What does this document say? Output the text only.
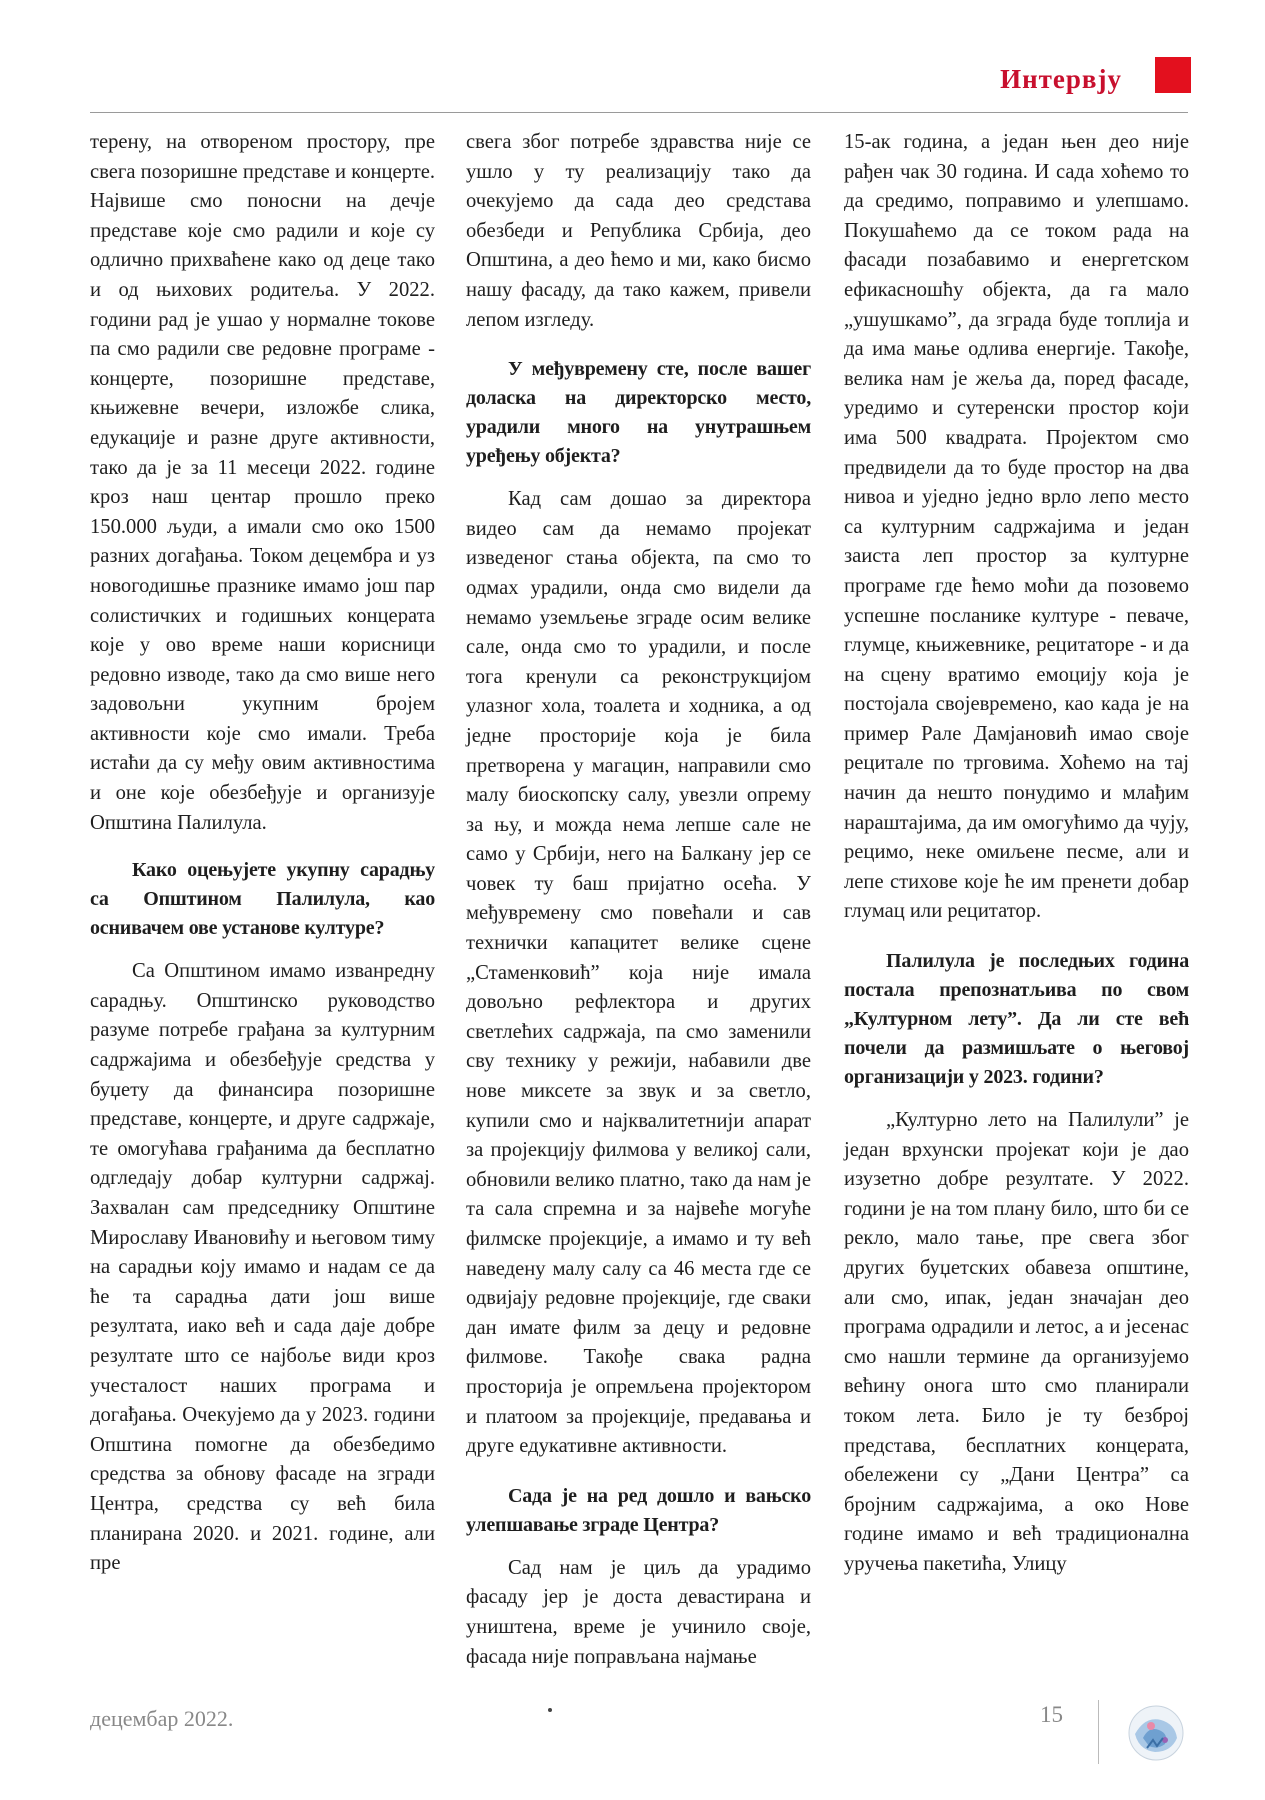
Интервју

терену, на отвореном простору, пре свега позоришне представе и концерте. Највише смо поносни на дечје представе које смо радили и које су одлично прихваћене како од деце тако и од њихових родитеља. У 2022. години рад је ушао у нормалне токове па смо радили све редовне програме - концерте, позоришне представе, књижевне вечери, изложбе слика, едукације и разне друге активности, тако да је за 11 месеци 2022. године кроз наш центар прошло преко 150.000 људи, а имали смо око 1500 разних догађања. Током децембра и уз новогодишње празнике имамо још пар солистичких и годишњих концерата које у ово време наши корисници редовно изводе, тако да смо више него задовољни укупним бројем активности које смо имали. Треба истаћи да су међу овим активностима и оне које обезбеђује и организује Општина Палилула.

Како оцењујете укупну сарадњу са Општином Палилула, као оснивачем ове установе културе?

Са Општином имамо изванредну сарадњу. Општинско руководство разуме потребе грађана за културним садржајима и обезбеђује средства у буџету да финансира позоришне представе, концерте, и друге садржаје, те омогућава грађанима да бесплатно одгледају добар културни садржај. Захвалан сам председнику Општине Мирославу Ивановићу и његовом тиму на сарадњи коју имамо и надам се да ће та сарадња дати још више резултата, иако већ и сада даје добре резултате што се најбоље види кроз учесталост наших програма и догађања. Очекујемо да у 2023. години Општина помогне да обезбедимо средства за обнову фасаде на згради Центра, средства су већ била планирана 2020. и 2021. године, али пре

свега због потребе здравства није се ушло у ту реализацију тако да очекујемо да сада део средстава обезбеди и Република Србија, део Општина, а део ћемо и ми, како бисмо нашу фасаду, да тако кажем, привели лепом изгледу.

У међувремену сте, после вашег доласка на директорско место, урадили много на унутрашњем уређењу објекта?

Кад сам дошао за директора видео сам да немамо пројекат изведеног стања објекта, па смо то одмах урадили, онда смо видели да немамо уземљење зграде осим велике сале, онда смо то урадили, и после тога кренули са реконструкцијом улазног хола, тоалета и ходника, а од једне просторије која је била претворена у магацин, направили смо малу биоскопску салу, увезли опрему за њу, и можда нема лепше сале не само у Србији, него на Балкану јер се човек ту баш пријатно осећа. У међувремену смо повећали и сав технички капацитет велике сцене „Стаменковић” која није имала довољно рефлектора и других светлећих садржаја, па смо заменили сву технику у режији, набавили две нове миксете за звук и за светло, купили смо и најквалитетнији апарат за пројекцију филмова у великој сали, обновили велико платно, тако да нам је та сала спремна и за највеће могуће филмске пројекције, а имамо и ту већ наведену малу салу са 46 места где се одвијају редовне пројекције, где сваки дан имате филм за децу и редовне филмове. Такође свака радна просторија је опремљена пројектором и платоом за пројекције, предавања и друге едукативне активности.

Сада је на ред дошло и вањско улепшавање зграде Центра?

Сад нам је циљ да урадимо фасаду јер је доста девастирана и уништена, време је учинило своје, фасада није поправљана најмање

15-ак година, а један њен део није рађен чак 30 година. И сада хоћемо то да средимо, поправимо и улепшамо. Покушаћемо да се током рада на фасади позабавимо и енергетском ефикасношћу објекта, да га мало „ушушкамо”, да зграда буде топлија и да има мање одлива енергије. Такође, велика нам је жеља да, поред фасаде, уредимо и сутеренски простор који има 500 квадрата. Пројектом смо предвидели да то буде простор на два нивоа и уједно једно врло лепо место са културним садржајима и један заиста леп простор за културне програме где ћемо моћи да позовемо успешне посланике културе - певаче, глумце, књижевнике, рецитаторе - и да на сцену вратимо емоцију која је постојала својевремено, као када је на пример Рале Дамјановић имао своје рецитале по трговима. Хоћемо на тај начин да нешто понудимо и млађим нараштајима, да им омогућимо да чују, рецимо, неке омиљене песме, али и лепе стихове које ће им пренети добар глумац или рецитатор.

Палилула је последњих година постала препознатљива по свом „Културном лету”. Да ли сте већ почели да размишљате о његовој организацији у 2023. години?

„Културно лето на Палилули” је један врхунски пројекат који је дао изузетно добре резултате. У 2022. години је на том плану било, што би се рекло, мало тање, пре свега због других буџетских обавеза општине, али смо, ипак, један значајан део програма одрадили и летос, а и јесенас смо нашли термине да организујемо већину онога што смо планирали током лета. Било је ту безброј представа, бесплатних концерата, обележени су „Дани Центра” са бројним садржајима, а око Нове године имамо и већ традиционална уручења пакетића, Улицу

децембар 2022.	15
